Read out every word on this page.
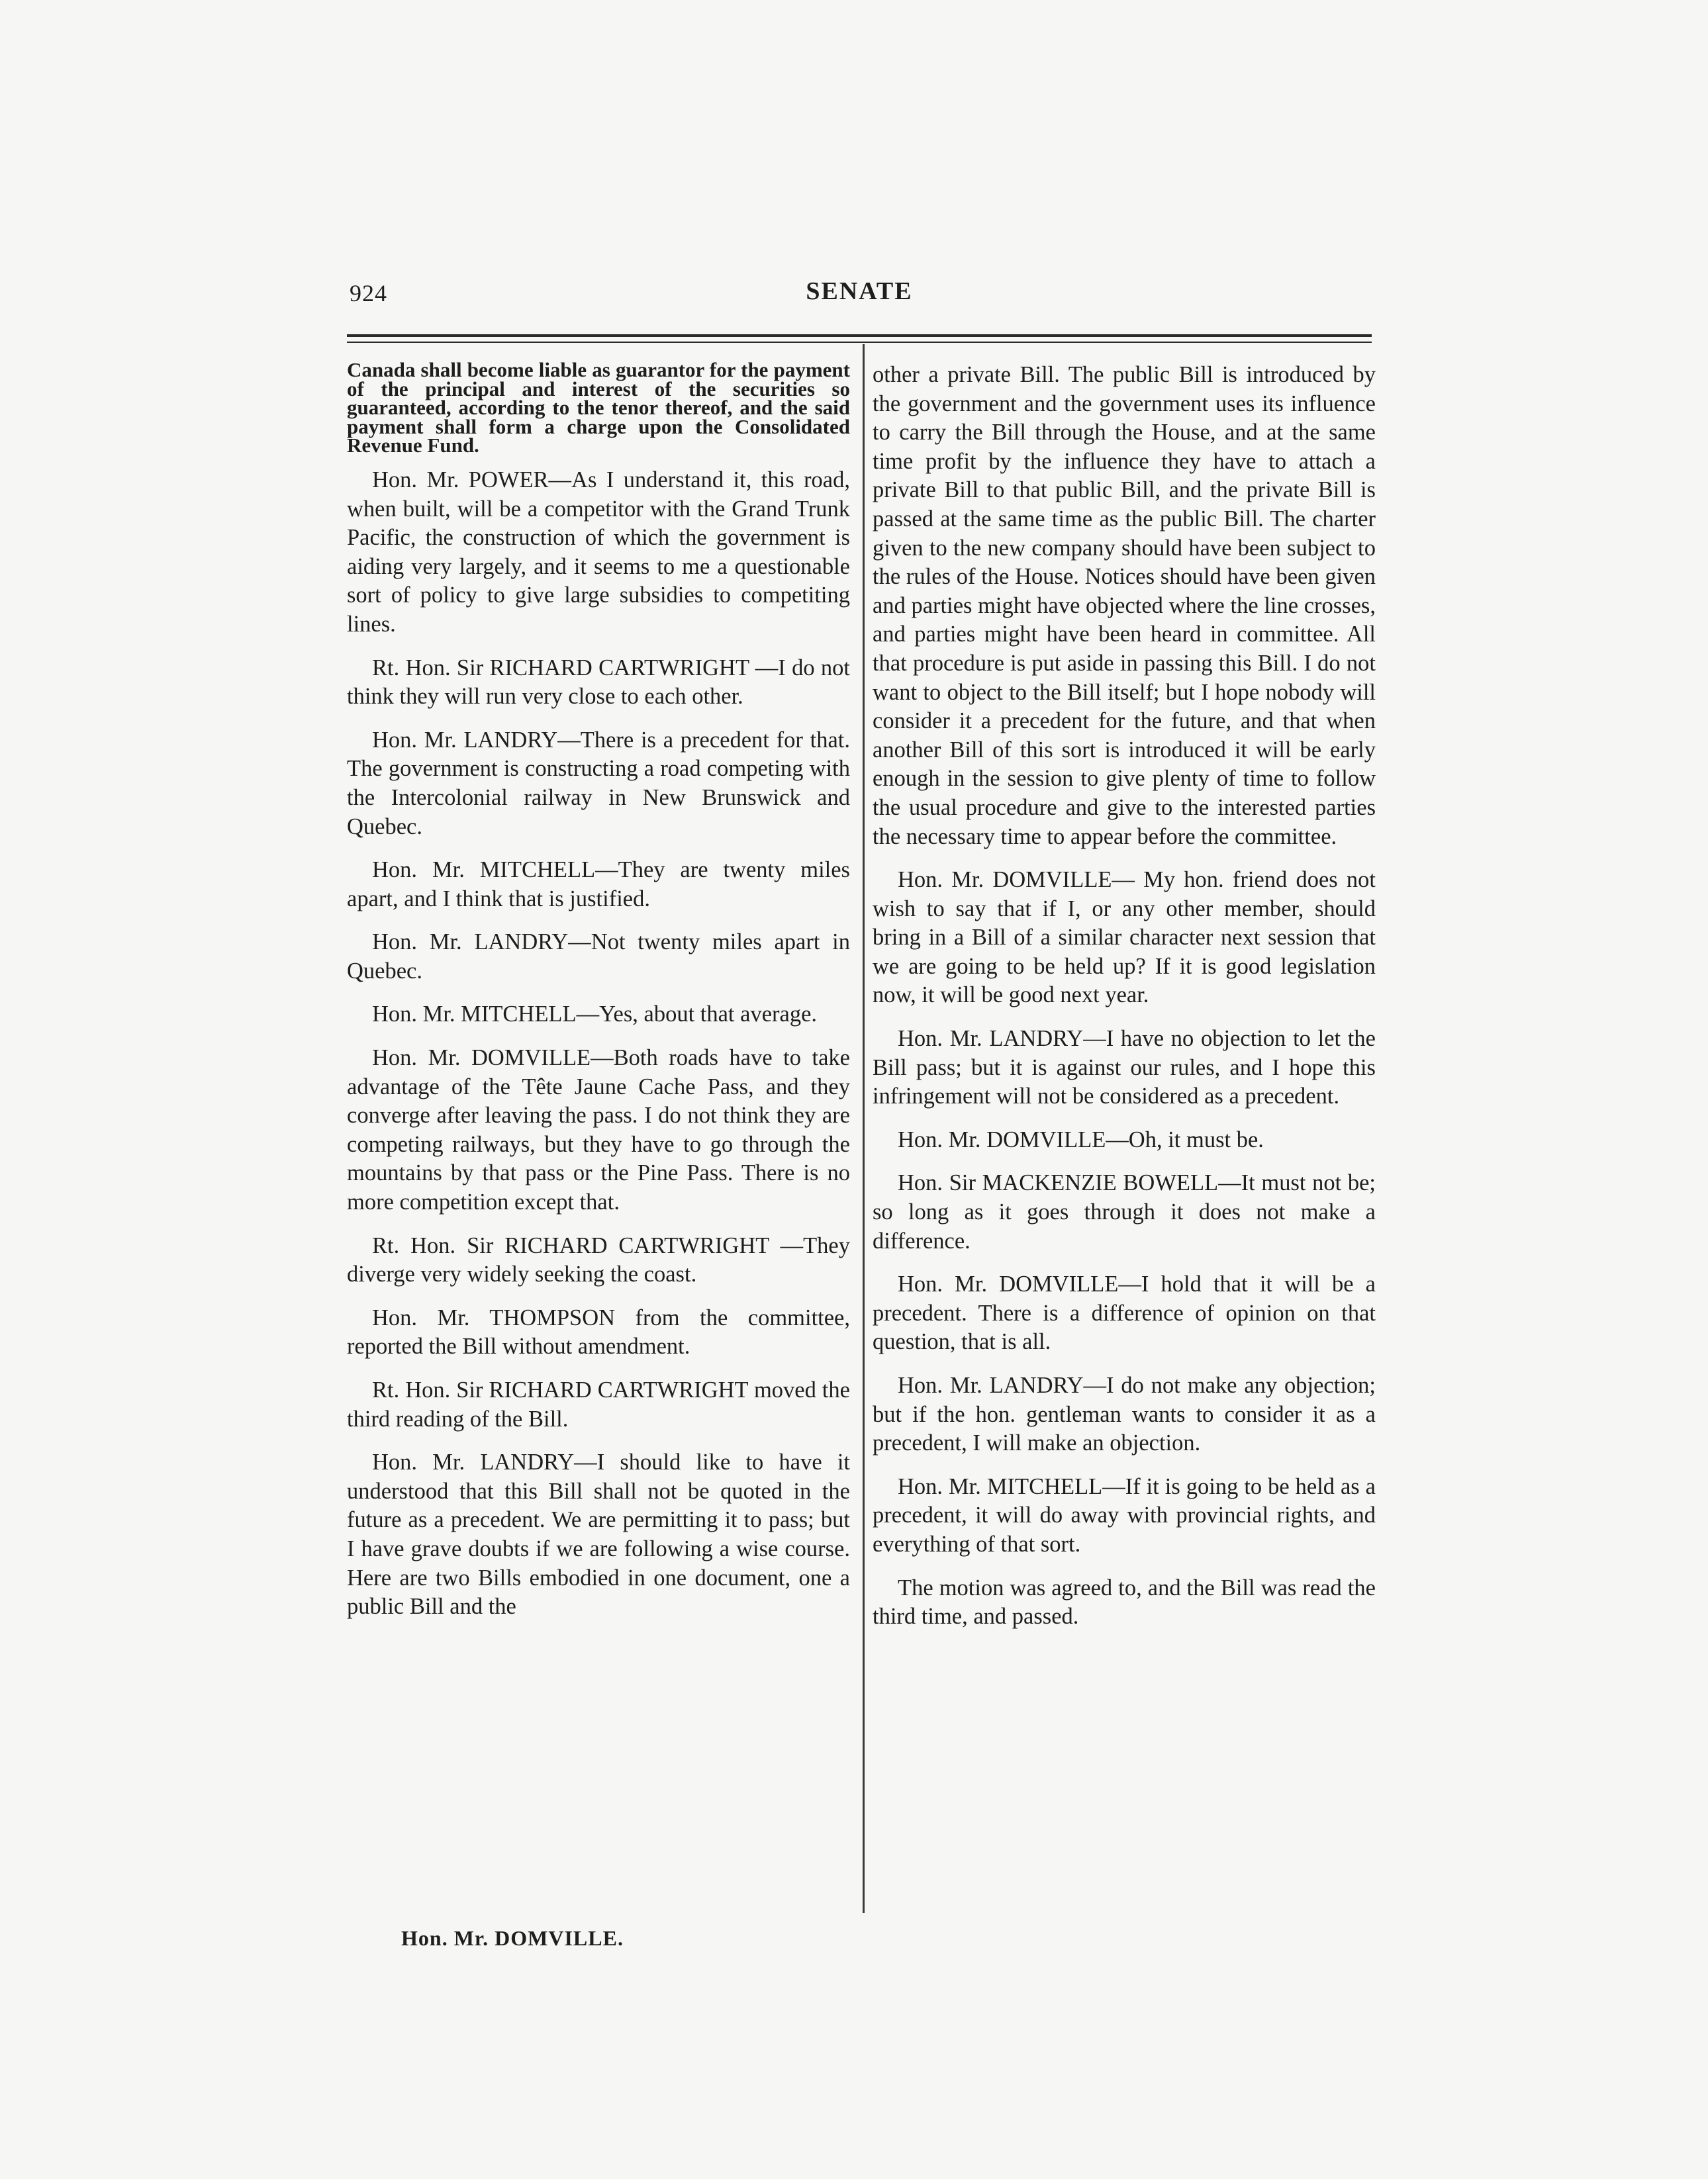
924	SENATE

Canada shall become liable as guarantor for the payment of the principal and interest of the securities so guaranteed, according to the tenor thereof, and the said payment shall form a charge upon the Consolidated Revenue Fund.

Hon. Mr. POWER—As I understand it, this road, when built, will be a competitor with the Grand Trunk Pacific, the construction of which the government is aiding very largely, and it seems to me a questionable sort of policy to give large subsidies to competiting lines.

Rt. Hon. Sir RICHARD CARTWRIGHT —I do not think they will run very close to each other.

Hon. Mr. LANDRY—There is a precedent for that. The government is constructing a road competing with the Intercolonial railway in New Brunswick and Quebec.

Hon. Mr. MITCHELL—They are twenty miles apart, and I think that is justified.

Hon. Mr. LANDRY—Not twenty miles apart in Quebec.

Hon. Mr. MITCHELL—Yes, about that average.

Hon. Mr. DOMVILLE—Both roads have to take advantage of the Tête Jaune Cache Pass, and they converge after leaving the pass. I do not think they are competing railways, but they have to go through the mountains by that pass or the Pine Pass. There is no more competition except that.

Rt. Hon. Sir RICHARD CARTWRIGHT —They diverge very widely seeking the coast.

Hon. Mr. THOMPSON from the committee, reported the Bill without amendment.

Rt. Hon. Sir RICHARD CARTWRIGHT moved the third reading of the Bill.

Hon. Mr. LANDRY—I should like to have it understood that this Bill shall not be quoted in the future as a precedent. We are permitting it to pass; but I have grave doubts if we are following a wise course. Here are two Bills embodied in one document, one a public Bill and the

other a private Bill. The public Bill is introduced by the government and the government uses its influence to carry the Bill through the House, and at the same time profit by the influence they have to attach a private Bill to that public Bill, and the private Bill is passed at the same time as the public Bill. The charter given to the new company should have been subject to the rules of the House. Notices should have been given and parties might have objected where the line crosses, and parties might have been heard in committee. All that procedure is put aside in passing this Bill. I do not want to object to the Bill itself; but I hope nobody will consider it a precedent for the future, and that when another Bill of this sort is introduced it will be early enough in the session to give plenty of time to follow the usual procedure and give to the interested parties the necessary time to appear before the committee.

Hon. Mr. DOMVILLE— My hon. friend does not wish to say that if I, or any other member, should bring in a Bill of a similar character next session that we are going to be held up? If it is good legislation now, it will be good next year.

Hon. Mr. LANDRY—I have no objection to let the Bill pass; but it is against our rules, and I hope this infringement will not be considered as a precedent.

Hon. Mr. DOMVILLE—Oh, it must be.

Hon. Sir MACKENZIE BOWELL—It must not be; so long as it goes through it does not make a difference.

Hon. Mr. DOMVILLE—I hold that it will be a precedent. There is a difference of opinion on that question, that is all.

Hon. Mr. LANDRY—I do not make any objection; but if the hon. gentleman wants to consider it as a precedent, I will make an objection.

Hon. Mr. MITCHELL—If it is going to be held as a precedent, it will do away with provincial rights, and everything of that sort.

The motion was agreed to, and the Bill was read the third time, and passed.

Hon. Mr. DOMVILLE.
